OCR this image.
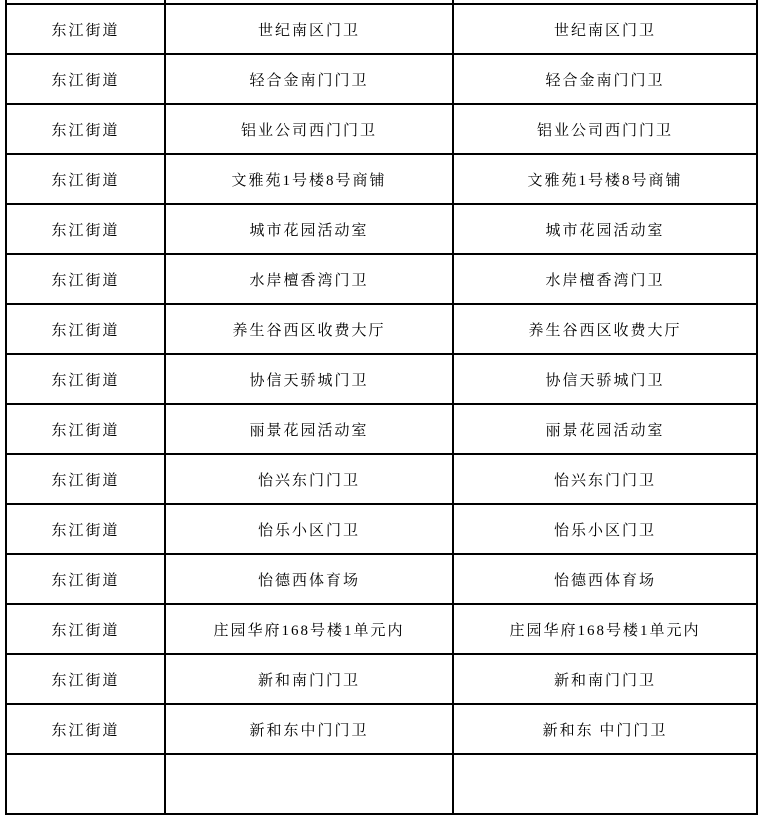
东江街道	世纪南区门卫	世纪南区门卫
东江街道	轻合金南门门卫	轻合金南门门卫
东江街道	铝业公司西门门卫	铝业公司西门门卫
东江街道	文雅苑1号楼8号商铺	文雅苑1号楼8号商铺
东江街道	城市花园活动室	城市花园活动室
东江街道	水岸檀香湾门卫	水岸檀香湾门卫
东江街道	养生谷西区收费大厅	养生谷西区收费大厅
东江街道	协信天骄城门卫	协信天骄城门卫
东江街道	丽景花园活动室	丽景花园活动室
东江街道	怡兴东门门卫	怡兴东门门卫
东江街道	怡乐小区门卫	怡乐小区门卫
东江街道	怡德西体育场	怡德西体育场
东江街道	庄园华府168号楼1单元内	庄园华府168号楼1单元内
东江街道	新和南门门卫	新和南门门卫
东江街道	新和东中门门卫	新和东 中门门卫
